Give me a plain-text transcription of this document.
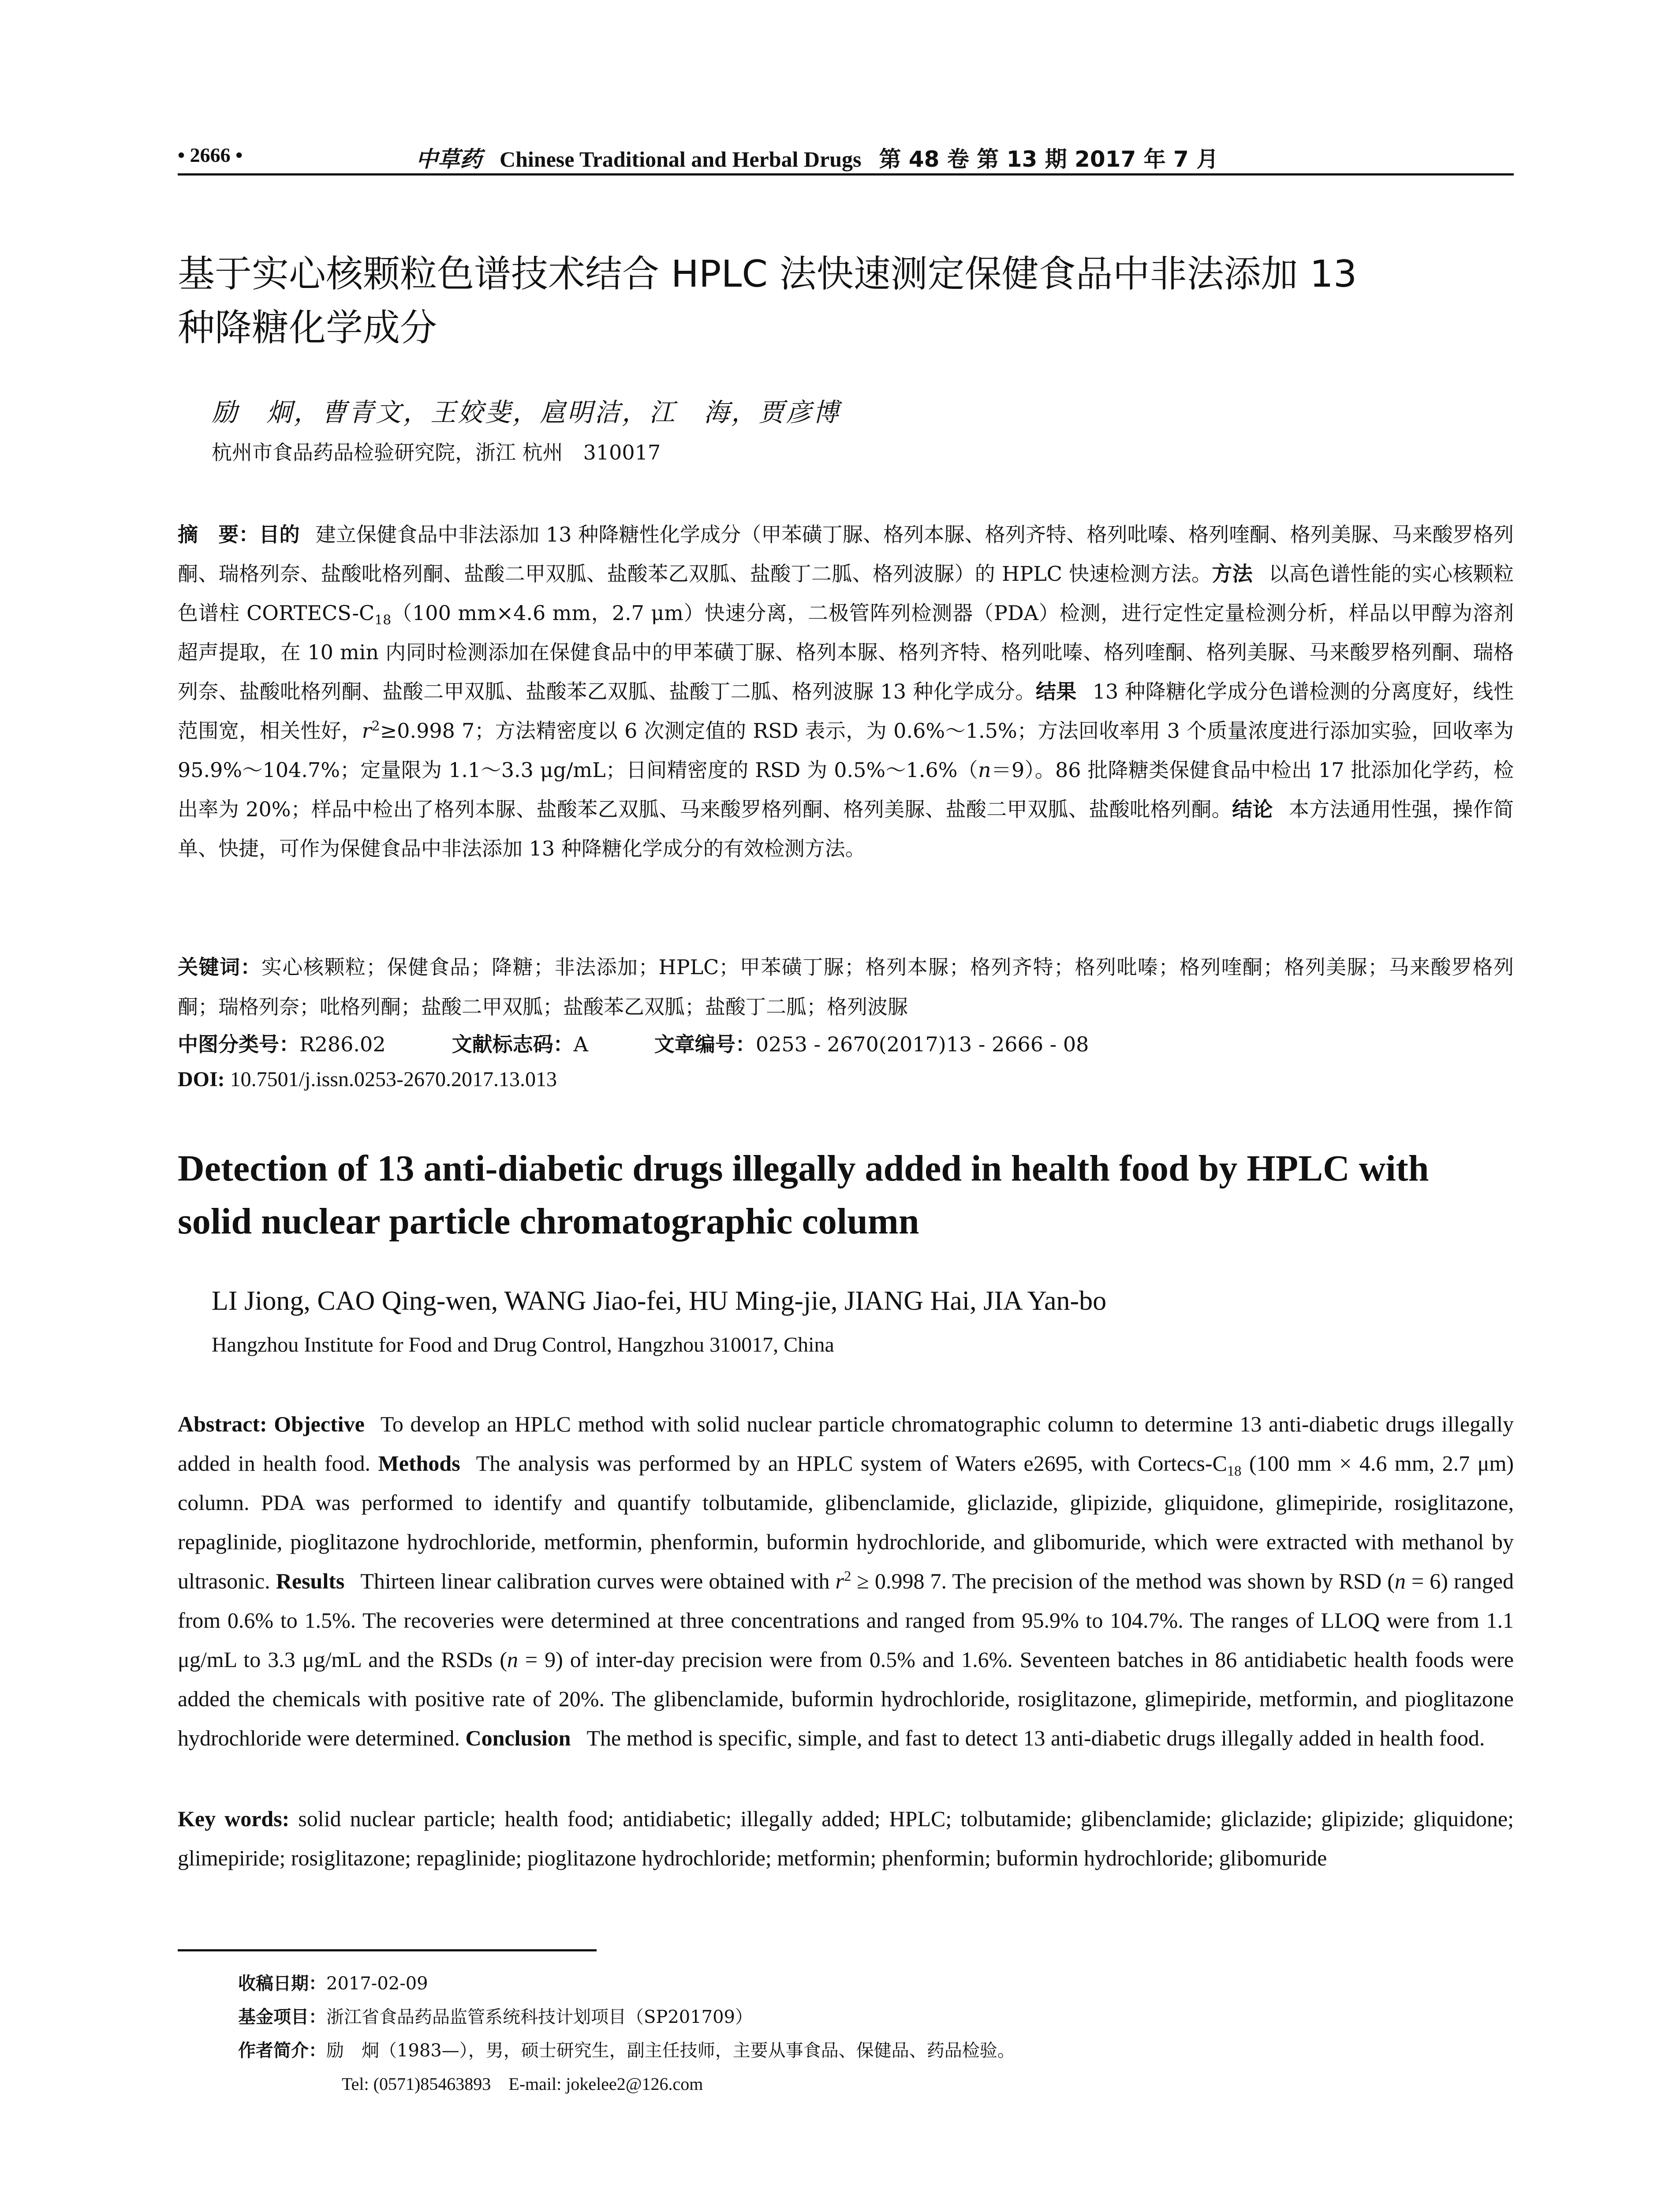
• 2666 •	中草药 Chinese Traditional and Herbal Drugs 第 48 卷 第 13 期 2017 年 7 月
基于实心核颗粒色谱技术结合 HPLC 法快速测定保健食品中非法添加 13
种降糖化学成分
励　炯，曹青文，王姣斐，扈明洁，江　海，贾彦博
杭州市食品药品检验研究院，浙江 杭州　310017
摘　要：目的 建立保健食品中非法添加 13 种降糖性化学成分（甲苯磺丁脲、格列本脲、格列齐特、格列吡嗪、格列喹酮、格列美脲、马来酸罗格列酮、瑞格列奈、盐酸吡格列酮、盐酸二甲双胍、盐酸苯乙双胍、盐酸丁二胍、格列波脲）的 HPLC 快速检测方法。方法 以高色谱性能的实心核颗粒色谱柱 CORTECS-$C_{18}(100$ mm×4.6 mm，2.7 μm）快速分离，二极管阵列检测器（PDA）检测，进行定性定量检测分析，样品以甲醇为溶剂超声提取，在 10 min 内同时检测添加在保健食品中的甲苯磺丁脲、格列本脲、格列齐特、格列吡嗪、格列喹酮、格列美脲、马来酸罗格列酮、瑞格列奈、盐酸吡格列酮、盐酸二甲双胍、盐酸苯乙双胍、盐酸丁二胍、格列波脲 13 种化学成分。结果 13 种降糖化学成分色谱检测的分离度好，线性范围宽，相关性好，$r^2\ge 0.998$ 7；方法精密度以 6 次测定值的 RSD 表示，为 0.6%～1.5%；方法回收率用 3 个质量浓度进行添加实验，回收率为 95.9%～104.7%；定量限为 1.1～3.3 μg/mL；日间精密度的 RSD 为 0.5%～1.6%（n＝9）。86 批降糖类保健食品中检出 17 批添加化学药，检出率为 20%；样品中检出了格列本脲、盐酸苯乙双胍、马来酸罗格列酮、格列美脲、盐酸二甲双胍、盐酸吡格列酮。结论 本方法通用性强，操作简单、快捷，可作为保健食品中非法添加 13 种降糖化学成分的有效检测方法。
关键词：实心核颗粒；保健食品；降糖；非法添加；HPLC；甲苯磺丁脲；格列本脲；格列齐特；格列吡嗪；格列喹酮；格列美脲；马来酸罗格列酮；瑞格列奈；吡格列酮；盐酸二甲双胍；盐酸苯乙双胍；盐酸丁二胍；格列波脲
中图分类号：R286.02	文献标志码：A	文章编号：0253 - 2670(2017)13 - 2666 - 08
DOI: 10.7501/j.issn.0253-2670.2017.13.013
Detection of 13 anti-diabetic drugs illegally added in health food by HPLC with
solid nuclear particle chromatographic column
LI Jiong, CAO Qing-wen, WANG Jiao-fei, HU Ming-jie, JIANG Hai, JIA Yan-bo
Hangzhou Institute for Food and Drug Control, Hangzhou 310017, China
Abstract: Objective To develop an HPLC method with solid nuclear particle chromatographic column to determine 13 anti-diabetic drugs illegally added in health food. Methods The analysis was performed by an HPLC system of Waters e2695, with Cortecs-$C_{18}$ (100 mm × 4.6 mm, 2.7 μm) column. PDA was performed to identify and quantify tolbutamide, glibenclamide, gliclazide, glipizide, gliquidone, glimepiride, rosiglitazone, repaglinide, pioglitazone hydrochloride, metformin, phenformin, buformin hydrochloride, and glibomuride, which were extracted with methanol by ultrasonic. Results Thirteen linear calibration curves were obtained with $r^2 \ge 0.998$ 7. The precision of the method was shown by RSD (n = 6) ranged from 0.6% to 1.5%. The recoveries were determined at three concentrations and ranged from 95.9% to 104.7%. The ranges of LLOQ were from 1.1 μg/mL to 3.3 μg/mL and the RSDs (n = 9) of inter-day precision were from 0.5% and 1.6%. Seventeen batches in 86 antidiabetic health foods were added the chemicals with positive rate of 20%. The glibenclamide, buformin hydrochloride, rosiglitazone, glimepiride, metformin, and pioglitazone hydrochloride were determined. Conclusion The method is specific, simple, and fast to detect 13 anti-diabetic drugs illegally added in health food.
Key words: solid nuclear particle; health food; antidiabetic; illegally added; HPLC; tolbutamide; glibenclamide; gliclazide; glipizide; gliquidone; glimepiride; rosiglitazone; repaglinide; pioglitazone hydrochloride; metformin; phenformin; buformin hydrochloride; glibomuride
收稿日期：2017-02-09
基金项目：浙江省食品药品监管系统科技计划项目（SP201709）
作者简介：励　炯（1983—），男，硕士研究生，副主任技师，主要从事食品、保健品、药品检验。
Tel: (0571)85463893　E-mail: jokelee2@126.com
